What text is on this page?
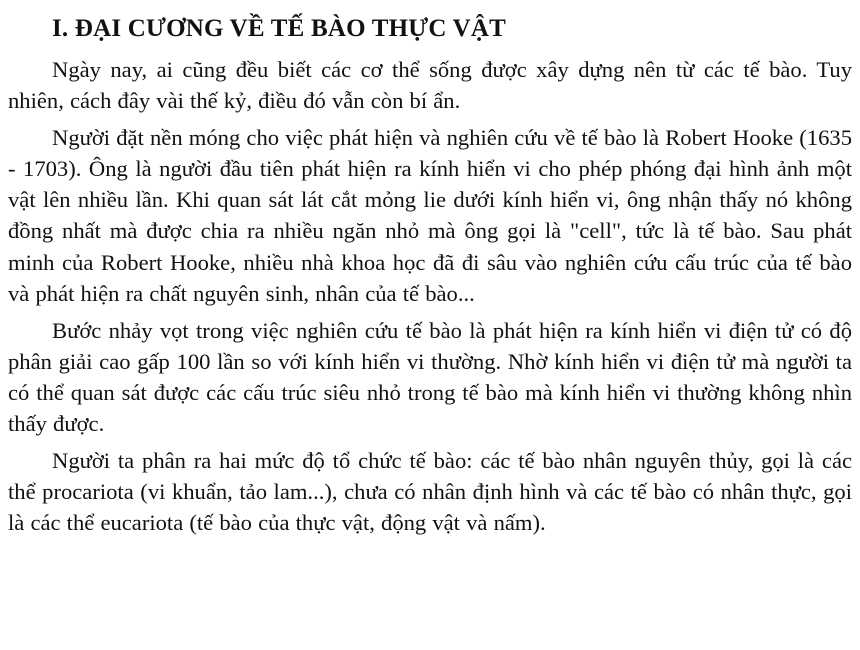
I. ĐẠI CƯƠNG VỀ TẾ BÀO THỰC VẬT

Ngày nay, ai cũng đều biết các cơ thể sống được xây dựng nên từ các tế bào. Tuy nhiên, cách đây vài thế kỷ, điều đó vẫn còn bí ẩn.

Người đặt nền móng cho việc phát hiện và nghiên cứu về tế bào là Robert Hooke (1635 - 1703). Ông là người đầu tiên phát hiện ra kính hiển vi cho phép phóng đại hình ảnh một vật lên nhiều lần. Khi quan sát lát cắt mỏng lie dưới kính hiển vi, ông nhận thấy nó không đồng nhất mà được chia ra nhiều ngăn nhỏ mà ông gọi là "cell", tức là tế bào. Sau phát minh của Robert Hooke, nhiều nhà khoa học đã đi sâu vào nghiên cứu cấu trúc của tế bào và phát hiện ra chất nguyên sinh, nhân của tế bào...

Bước nhảy vọt trong việc nghiên cứu tế bào là phát hiện ra kính hiển vi điện tử có độ phân giải cao gấp 100 lần so với kính hiển vi thường. Nhờ kính hiển vi điện tử mà người ta có thể quan sát được các cấu trúc siêu nhỏ trong tế bào mà kính hiển vi thường không nhìn thấy được.

Người ta phân ra hai mức độ tổ chức tế bào: các tế bào nhân nguyên thủy, gọi là các thể procariota (vi khuẩn, tảo lam...), chưa có nhân định hình và các tế bào có nhân thực, gọi là các thể eucariota (tế bào của thực vật, động vật và nấm).
